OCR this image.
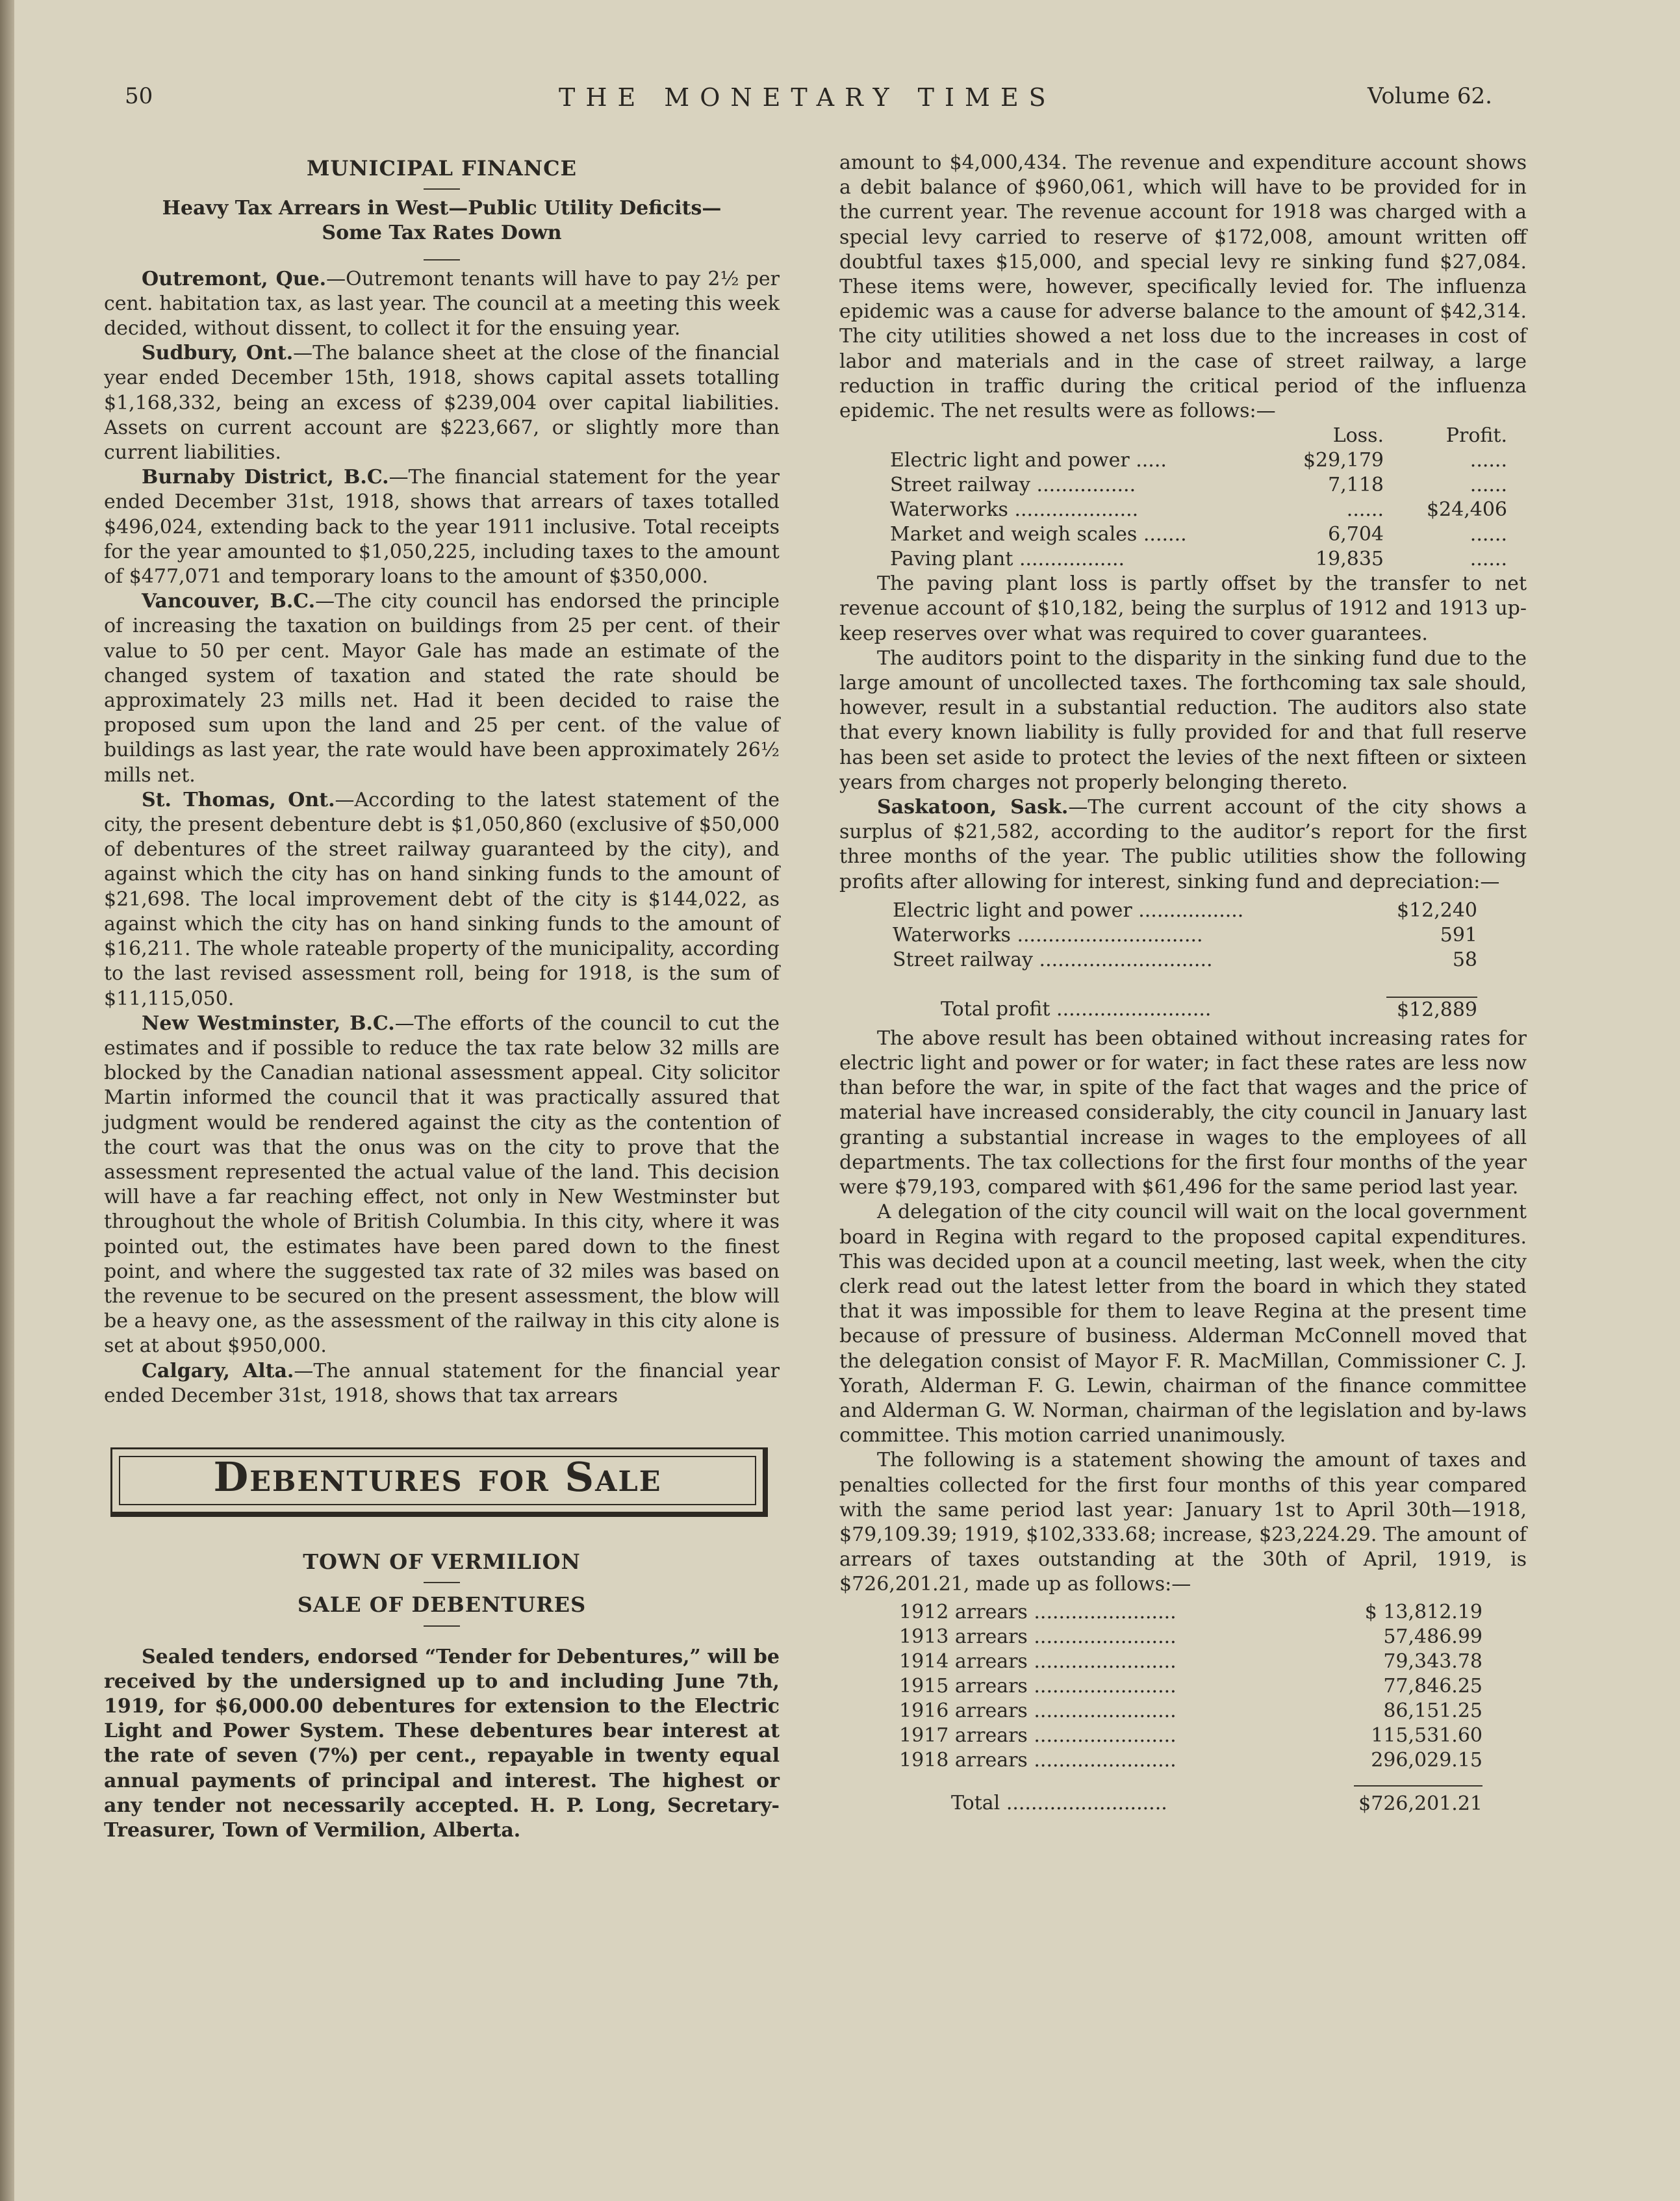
50	THE MONETARY TIMES	Volume 62.
MUNICIPAL FINANCE
Heavy Tax Arrears in West—Public Utility Deficits—Some Tax Rates Down

Outremont, Que.—Outremont tenants will have to pay 2½ per cent. habitation tax, as last year. The council at a meeting this week decided, without dissent, to collect it for the ensuing year.

Sudbury, Ont.—The balance sheet at the close of the financial year ended December 15th, 1918, shows capital assets totalling $1,168,332, being an excess of $239,004 over capital liabilities. Assets on current account are $223,667, or slightly more than current liabilities.

Burnaby District, B.C.—The financial statement for the year ended December 31st, 1918, shows that arrears of taxes totalled $496,024, extending back to the year 1911 inclusive. Total receipts for the year amounted to $1,050,225, including taxes to the amount of $477,071 and temporary loans to the amount of $350,000.

Vancouver, B.C.—The city council has endorsed the principle of increasing the taxation on buildings from 25 per cent. of their value to 50 per cent. Mayor Gale has made an estimate of the changed system of taxation and stated the rate should be approximately 23 mills net. Had it been decided to raise the proposed sum upon the land and 25 per cent. of the value of buildings as last year, the rate would have been approximately 26½ mills net.

St. Thomas, Ont.—According to the latest statement of the city, the present debenture debt is $1,050,860 (exclusive of $50,000 of debentures of the street railway guaranteed by the city), and against which the city has on hand sinking funds to the amount of $21,698. The local improvement debt of the city is $144,022, as against which the city has on hand sinking funds to the amount of $16,211. The whole rateable property of the municipality, according to the last revised assessment roll, being for 1918, is the sum of $11,115,050.

New Westminster, B.C.—The efforts of the council to cut the estimates and if possible to reduce the tax rate below 32 mills are blocked by the Canadian national assessment appeal. City solicitor Martin informed the council that it was practically assured that judgment would be rendered against the city as the contention of the court was that the onus was on the city to prove that the assessment represented the actual value of the land. This decision will have a far reaching effect, not only in New Westminster but throughout the whole of British Columbia. In this city, where it was pointed out, the estimates have been pared down to the finest point, and where the suggested tax rate of 32 miles was based on the revenue to be secured on the present assessment, the blow will be a heavy one, as the assessment of the railway in this city alone is set at about $950,000.

Calgary, Alta.—The annual statement for the financial year ended December 31st, 1918, shows that tax arrears

Debentures for Sale
TOWN OF VERMILION
SALE OF DEBENTURES

Sealed tenders, endorsed “Tender for Debentures,” will be received by the undersigned up to and including June 7th, 1919, for $6,000.00 debentures for extension to the Electric Light and Power System. These debentures bear interest at the rate of seven (7%) per cent., repayable in twenty equal annual payments of principal and interest. The highest or any tender not necessarily accepted. H. P. Long, Secretary-Treasurer, Town of Vermilion, Alberta.

amount to $4,000,434. The revenue and expenditure account shows a debit balance of $960,061, which will have to be provided for in the current year. The revenue account for 1918 was charged with a special levy carried to reserve of $172,008, amount written off doubtful taxes $15,000, and special levy re sinking fund $27,084. These items were, however, specifically levied for. The influenza epidemic was a cause for adverse balance to the amount of $42,314. The city utilities showed a net loss due to the increases in cost of labor and materials and in the case of street railway, a large reduction in traffic during the critical period of the influenza epidemic. The net results were as follows:—

	Loss.	Profit.
Electric light and power .....	$29,179	......
Street railway ................	7,118	......
Waterworks ....................	......	$24,406
Market and weigh scales .......	6,704	......
Paving plant .................	19,835	......

The paving plant loss is partly offset by the transfer to net revenue account of $10,182, being the surplus of 1912 and 1913 up-keep reserves over what was required to cover guarantees.

The auditors point to the disparity in the sinking fund due to the large amount of uncollected taxes. The forthcoming tax sale should, however, result in a substantial reduction. The auditors also state that every known liability is fully provided for and that full reserve has been set aside to protect the levies of the next fifteen or sixteen years from charges not properly belonging thereto.

Saskatoon, Sask.—The current account of the city shows a surplus of $21,582, according to the auditor’s report for the first three months of the year. The public utilities show the following profits after allowing for interest, sinking fund and depreciation:—

Electric light and power .................	$12,240
Waterworks ..............................	591
Street railway ............................	58

Total profit .........................	$12,889

The above result has been obtained without increasing rates for electric light and power or for water; in fact these rates are less now than before the war, in spite of the fact that wages and the price of material have increased considerably, the city council in January last granting a substantial increase in wages to the employees of all departments. The tax collections for the first four months of the year were $79,193, compared with $61,496 for the same period last year.

A delegation of the city council will wait on the local government board in Regina with regard to the proposed capital expenditures. This was decided upon at a council meeting, last week, when the city clerk read out the latest letter from the board in which they stated that it was impossible for them to leave Regina at the present time because of pressure of business. Alderman McConnell moved that the delegation consist of Mayor F. R. MacMillan, Commissioner C. J. Yorath, Alderman F. G. Lewin, chairman of the finance committee and Alderman G. W. Norman, chairman of the legislation and by-laws committee. This motion carried unanimously.

The following is a statement showing the amount of taxes and penalties collected for the first four months of this year compared with the same period last year: January 1st to April 30th—1918, $79,109.39; 1919, $102,333.68; increase, $23,224.29. The amount of arrears of taxes outstanding at the 30th of April, 1919, is $726,201.21, made up as follows:—

1912 arrears .......................	$ 13,812.19
1913 arrears .......................	57,486.99
1914 arrears .......................	79,343.78
1915 arrears .......................	77,846.25
1916 arrears .......................	86,151.25
1917 arrears .......................	115,531.60
1918 arrears .......................	296,029.15

Total ..........................	$726,201.21
